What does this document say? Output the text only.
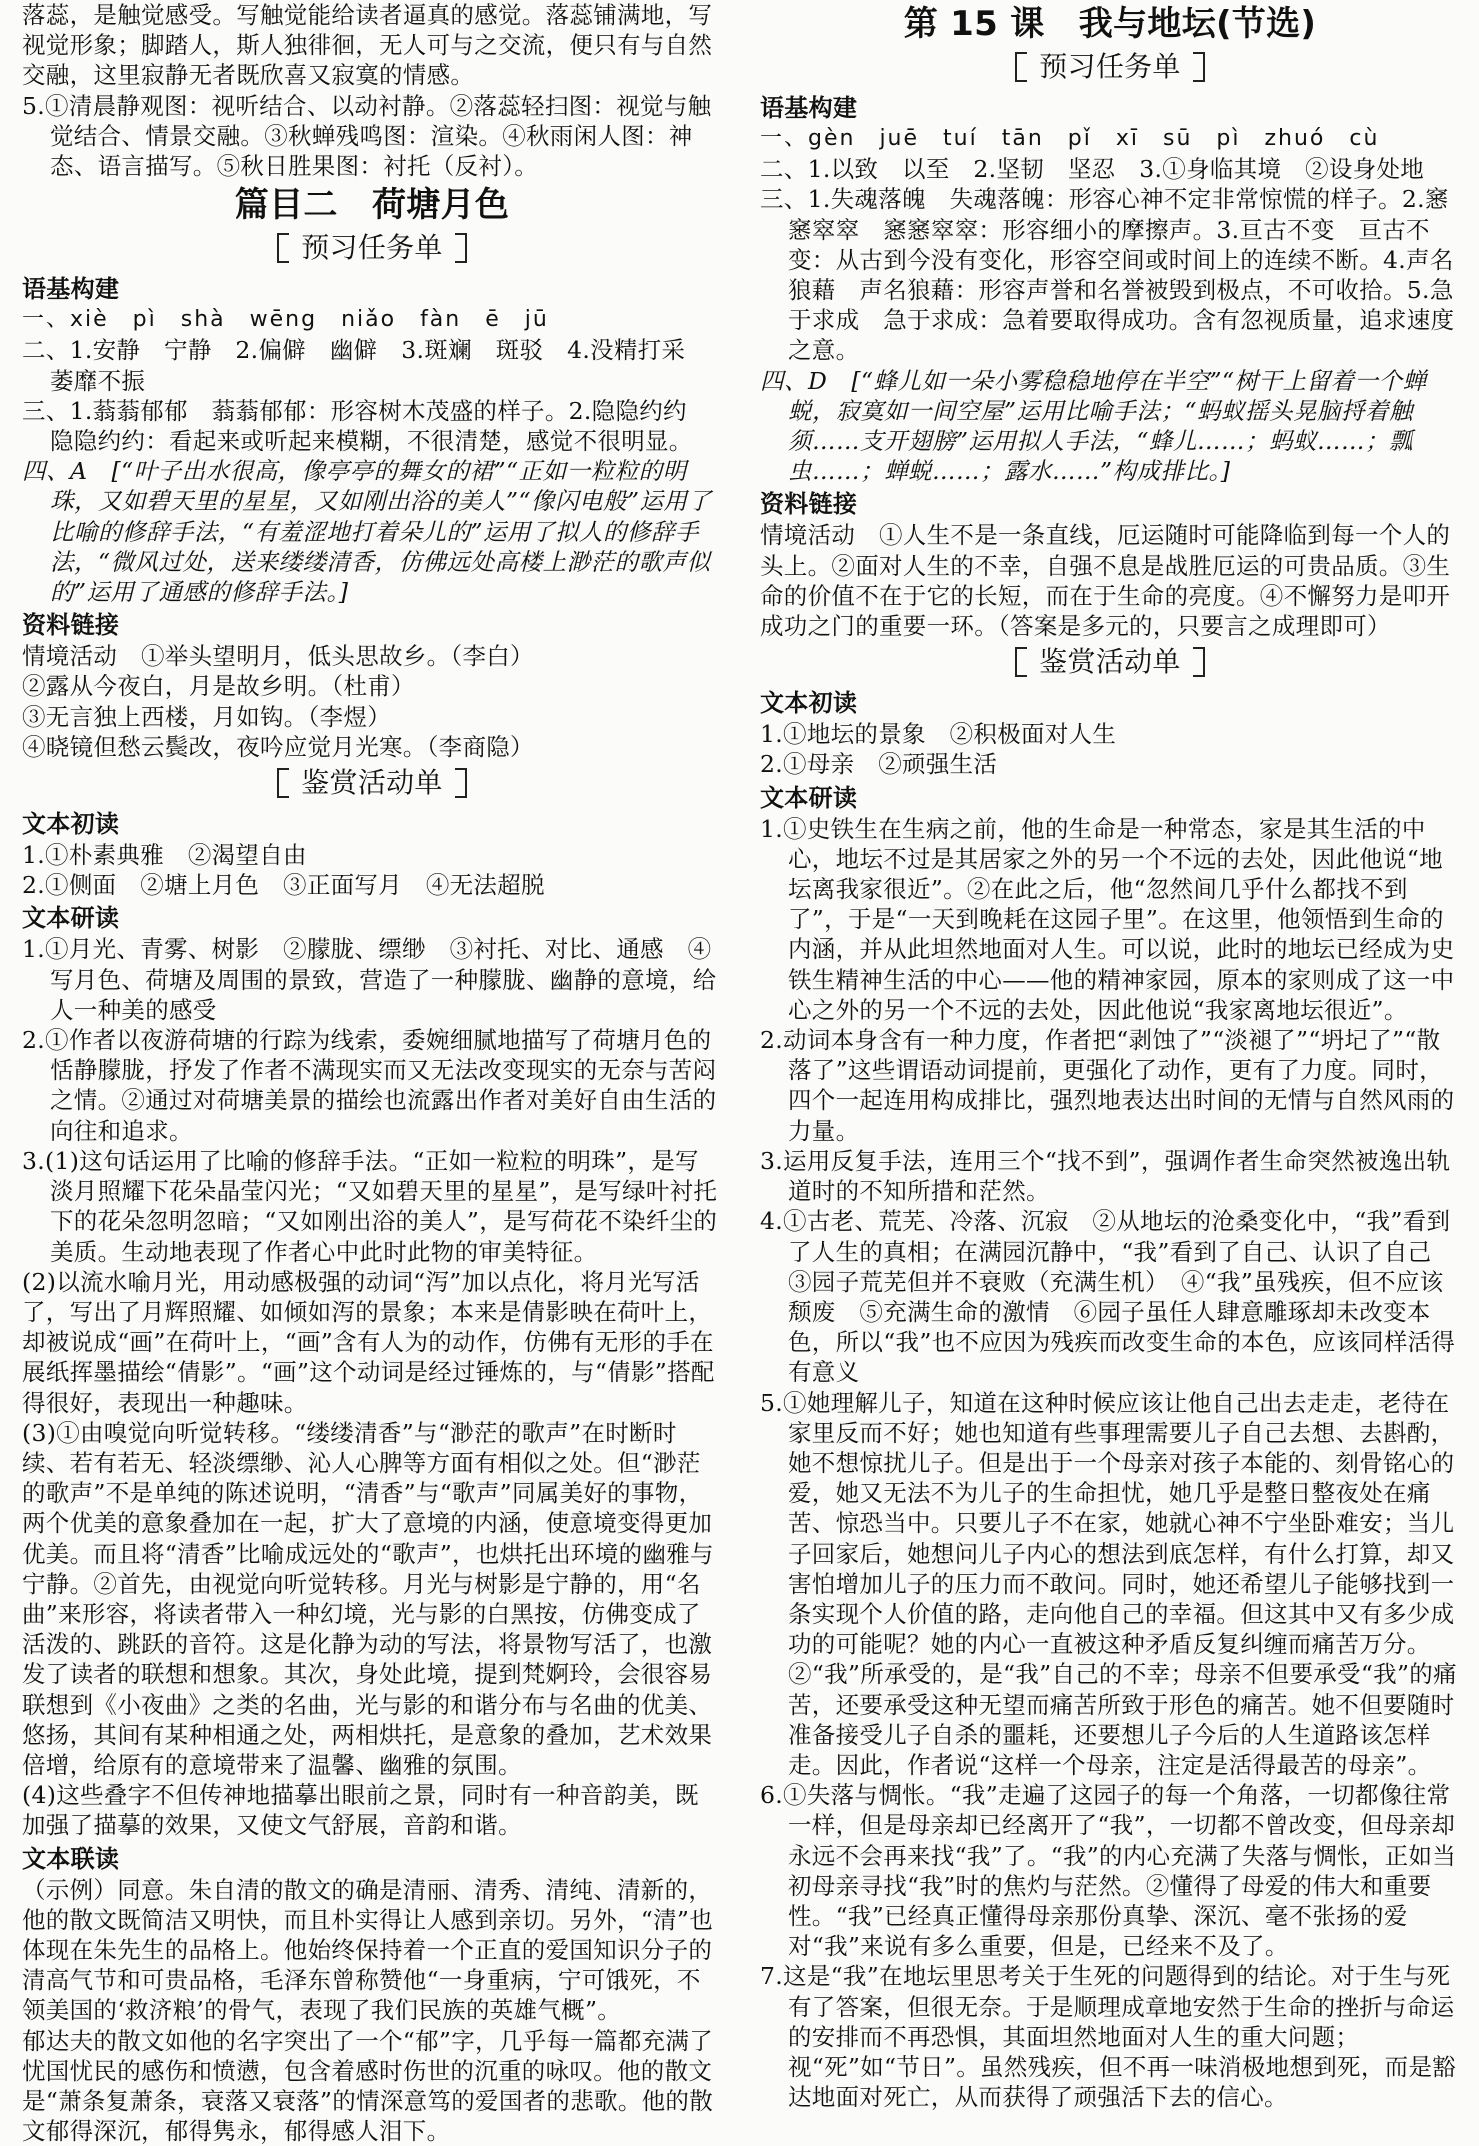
落蕊，是触觉感受。写触觉能给读者逼真的感觉。落蕊铺满地，写视觉形象；脚踏人，斯人独徘徊，无人可与之交流，便只有与自然交融，这里寂静无者既欣喜又寂寞的情感。

5.①清晨静观图：视听结合、以动衬静。②落蕊轻扫图：视觉与触觉结合、情景交融。③秋蝉残鸣图：渲染。④秋雨闲人图：神态、语言描写。⑤秋日胜果图：衬托（反衬）。

篇目二　荷塘月色
预习任务单
语基构建

一、xiè　pì　shà　wēng　niǎo　fàn　ē　jū

二、1.安静　宁静　2.偏僻　幽僻　3.斑斓　斑驳　4.没精打采　萎靡不振

三、1.蓊蓊郁郁　蓊蓊郁郁：形容树木茂盛的样子。2.隐隐约约　隐隐约约：看起来或听起来模糊，不很清楚，感觉不很明显。

四、A　[“叶子出水很高，像亭亭的舞女的裙”“正如一粒粒的明珠，又如碧天里的星星，又如刚出浴的美人”“像闪电般”运用了比喻的修辞手法，“有羞涩地打着朵儿的”运用了拟人的修辞手法，“微风过处，送来缕缕清香，仿佛远处高楼上渺茫的歌声似的”运用了通感的修辞手法。]

资料链接

情境活动　①举头望明月，低头思故乡。（李白）

②露从今夜白，月是故乡明。（杜甫）

③无言独上西楼，月如钩。（李煜）

④晓镜但愁云鬓改，夜吟应觉月光寒。（李商隐）

鉴赏活动单
文本初读

1.①朴素典雅　②渴望自由

2.①侧面　②塘上月色　③正面写月　④无法超脱

文本研读

1.①月光、青雾、树影　②朦胧、缥缈　③衬托、对比、通感　④写月色、荷塘及周围的景致，营造了一种朦胧、幽静的意境，给人一种美的感受

2.①作者以夜游荷塘的行踪为线索，委婉细腻地描写了荷塘月色的恬静朦胧，抒发了作者不满现实而又无法改变现实的无奈与苦闷之情。②通过对荷塘美景的描绘也流露出作者对美好自由生活的向往和追求。

3.(1)这句话运用了比喻的修辞手法。“正如一粒粒的明珠”，是写淡月照耀下花朵晶莹闪光；“又如碧天里的星星”，是写绿叶衬托下的花朵忽明忽暗；“又如刚出浴的美人”，是写荷花不染纤尘的美质。生动地表现了作者心中此时此物的审美特征。

(2)以流水喻月光，用动感极强的动词“泻”加以点化，将月光写活了，写出了月辉照耀、如倾如泻的景象；本来是倩影映在荷叶上，却被说成“画”在荷叶上，“画”含有人为的动作，仿佛有无形的手在展纸挥墨描绘“倩影”。“画”这个动词是经过锤炼的，与“倩影”搭配得很好，表现出一种趣味。

(3)①由嗅觉向听觉转移。“缕缕清香”与“渺茫的歌声”在时断时续、若有若无、轻淡缥缈、沁人心脾等方面有相似之处。但“渺茫的歌声”不是单纯的陈述说明，“清香”与“歌声”同属美好的事物，两个优美的意象叠加在一起，扩大了意境的内涵，使意境变得更加优美。而且将“清香”比喻成远处的“歌声”，也烘托出环境的幽雅与宁静。②首先，由视觉向听觉转移。月光与树影是宁静的，用“名曲”来形容，将读者带入一种幻境，光与影的白黑按，仿佛变成了活泼的、跳跃的音符。这是化静为动的写法，将景物写活了，也激发了读者的联想和想象。其次，身处此境，提到梵婀玲，会很容易联想到《小夜曲》之类的名曲，光与影的和谐分布与名曲的优美、悠扬，其间有某种相通之处，两相烘托，是意象的叠加，艺术效果倍增，给原有的意境带来了温馨、幽雅的氛围。

(4)这些叠字不但传神地描摹出眼前之景，同时有一种音韵美，既加强了描摹的效果，又使文气舒展，音韵和谐。

文本联读

（示例）同意。朱自清的散文的确是清丽、清秀、清纯、清新的，他的散文既简洁又明快，而且朴实得让人感到亲切。另外，“清”也体现在朱先生的品格上。他始终保持着一个正直的爱国知识分子的清高气节和可贵品格，毛泽东曾称赞他“一身重病，宁可饿死，不领美国的‘救济粮’的骨气，表现了我们民族的英雄气概”。

郁达夫的散文如他的名字突出了一个“郁”字，几乎每一篇都充满了忧国忧民的感伤和愤懑，包含着感时伤世的沉重的咏叹。他的散文是“萧条复萧条，衰落又衰落”的情深意笃的爱国者的悲歌。他的散文郁得深沉，郁得隽永，郁得感人泪下。

第 15 课　我与地坛(节选)
预习任务单
语基构建

一、gèn　juē　tuí　tān　pǐ　xī　sū　pì　zhuó　cù

二、1.以致　以至　2.坚韧　坚忍　3.①身临其境　②设身处地

三、1.失魂落魄　失魂落魄：形容心神不定非常惊慌的样子。2.窸窸窣窣　窸窸窣窣：形容细小的摩擦声。3.亘古不变　亘古不变：从古到今没有变化，形容空间或时间上的连续不断。4.声名狼藉　声名狼藉：形容声誉和名誉被毁到极点，不可收拾。5.急于求成　急于求成：急着要取得成功。含有忽视质量，追求速度之意。

四、D　[“蜂儿如一朵小雾稳稳地停在半空”“树干上留着一个蝉蜕，寂寞如一间空屋”运用比喻手法；“蚂蚁摇头晃脑捋着触须……支开翅膀”运用拟人手法，“蜂儿……；蚂蚁……；瓢虫……；蝉蜕……；露水……”构成排比。]

资料链接

情境活动　①人生不是一条直线，厄运随时可能降临到每一个人的头上。②面对人生的不幸，自强不息是战胜厄运的可贵品质。③生命的价值不在于它的长短，而在于生命的亮度。④不懈努力是叩开成功之门的重要一环。（答案是多元的，只要言之成理即可）

鉴赏活动单
文本初读

1.①地坛的景象　②积极面对人生

2.①母亲　②顽强生活

文本研读

1.①史铁生在生病之前，他的生命是一种常态，家是其生活的中心，地坛不过是其居家之外的另一个不远的去处，因此他说“地坛离我家很近”。②在此之后，他“忽然间几乎什么都找不到了”，于是“一天到晚耗在这园子里”。在这里，他领悟到生命的内涵，并从此坦然地面对人生。可以说，此时的地坛已经成为史铁生精神生活的中心——他的精神家园，原本的家则成了这一中心之外的另一个不远的去处，因此他说“我家离地坛很近”。

2.动词本身含有一种力度，作者把“剥蚀了”“淡褪了”“坍圮了”“散落了”这些谓语动词提前，更强化了动作，更有了力度。同时，四个一起连用构成排比，强烈地表达出时间的无情与自然风雨的力量。

3.运用反复手法，连用三个“找不到”，强调作者生命突然被逸出轨道时的不知所措和茫然。

4.①古老、荒芜、冷落、沉寂　②从地坛的沧桑变化中，“我”看到了人生的真相；在满园沉静中，“我”看到了自己、认识了自己　③园子荒芜但并不衰败（充满生机）　④“我”虽残疾，但不应该颓废　⑤充满生命的激情　⑥园子虽任人肆意雕琢却未改变本色，所以“我”也不应因为残疾而改变生命的本色，应该同样活得有意义

5.①她理解儿子，知道在这种时候应该让他自己出去走走，老待在家里反而不好；她也知道有些事理需要儿子自己去想、去斟酌，她不想惊扰儿子。但是出于一个母亲对孩子本能的、刻骨铭心的爱，她又无法不为儿子的生命担忧，她几乎是整日整夜处在痛苦、惊恐当中。只要儿子不在家，她就心神不宁坐卧难安；当儿子回家后，她想问儿子内心的想法到底怎样，有什么打算，却又害怕增加儿子的压力而不敢问。同时，她还希望儿子能够找到一条实现个人价值的路，走向他自己的幸福。但这其中又有多少成功的可能呢？她的内心一直被这种矛盾反复纠缠而痛苦万分。②“我”所承受的，是“我”自己的不幸；母亲不但要承受“我”的痛苦，还要承受这种无望而痛苦所致于形色的痛苦。她不但要随时准备接受儿子自杀的噩耗，还要想儿子今后的人生道路该怎样走。因此，作者说“这样一个母亲，注定是活得最苦的母亲”。

6.①失落与惆怅。“我”走遍了这园子的每一个角落，一切都像往常一样，但是母亲却已经离开了“我”，一切都不曾改变，但母亲却永远不会再来找“我”了。“我”的内心充满了失落与惆怅，正如当初母亲寻找“我”时的焦灼与茫然。②懂得了母爱的伟大和重要性。“我”已经真正懂得母亲那份真挚、深沉、毫不张扬的爱对“我”来说有多么重要，但是，已经来不及了。

7.这是“我”在地坛里思考关于生死的问题得到的结论。对于生与死有了答案，但很无奈。于是顺理成章地安然于生命的挫折与命运的安排而不再恐惧，其面坦然地面对人生的重大问题；视“死”如“节日”。虽然残疾，但不再一味消极地想到死，而是豁达地面对死亡，从而获得了顽强活下去的信心。
